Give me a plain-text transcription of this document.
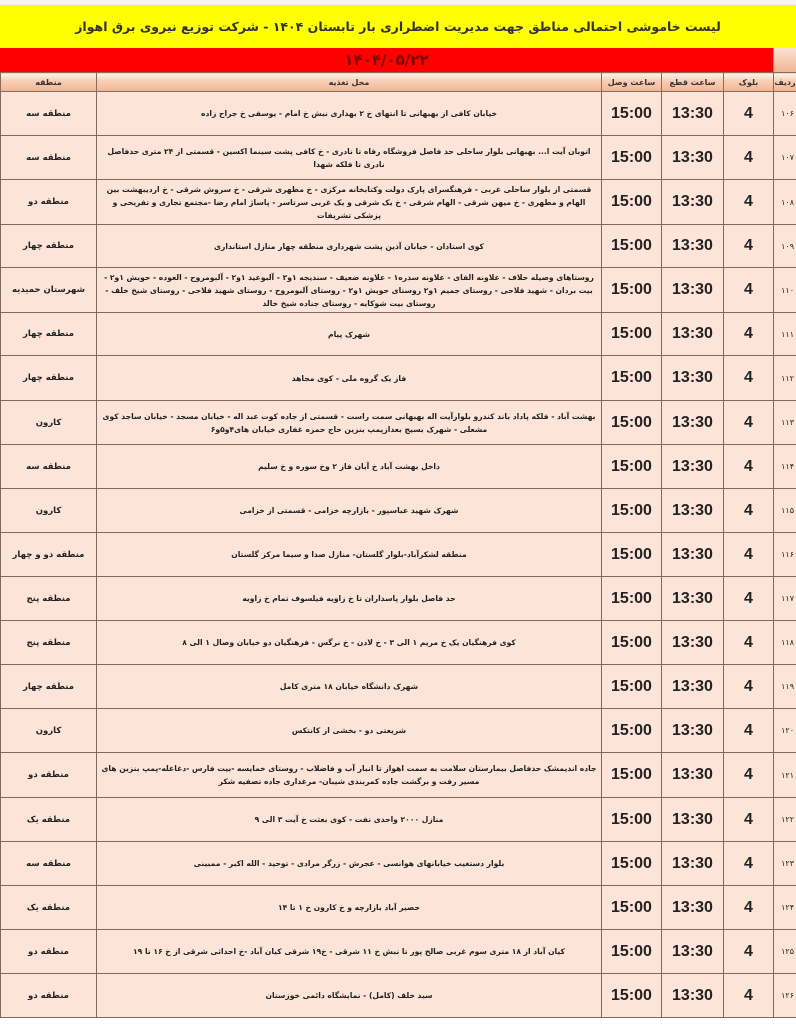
لیست خاموشی احتمالی مناطق جهت مدیریت اضطراری بار تابستان ۱۴۰۴ - شرکت توزیع نیروی برق اهواز
۱۴۰۴/۰۵/۲۲
ردیف	بلوک	ساعت قطع	ساعت وصل	محل تغذیه	منطقه
۱۰۶	4	13:30	15:00	خیابان کافی از بهبهانی تا انتهای خ ۲ بهداری نبش خ امام - یوسفی خ جراح زاده	منطقه سه
۱۰۷	4	13:30	15:00	اتوبان آیت ا... بهبهانی بلوار ساحلی حد فاصل فروشگاه رفاه تا نادری - خ کافی پشت سینما اکسین - قسمتی از ۲۴ متری حدفاصل نادری تا فلکه شهدا	منطقه سه
۱۰۸	4	13:30	15:00	قسمتی از بلوار ساحلی غربی - فرهنگسرای پارک دولت وکتابخانه مرکزی - خ مطهری شرقی - خ سروش شرقی - خ اردیبهشت بین الهام و مطهری - خ میهن شرقی - الهام شرقی - خ یک شرقی و یک غربی سرتاسر - پاساژ امام رضا -مجتمع تجاری و تفریحی و پزشکی تشریفات	منطقه دو
۱۰۹	4	13:30	15:00	کوی استادان - خیابان آذین پشت شهرداری منطقه چهار منازل استانداری	منطقه چهار
۱۱۰	4	13:30	15:00	روستاهای وصیله حلاف - علاونه الفای - علاونه سدره۱ - علاونه ضعیف - سندیجه ۱و۲ - آلبوعید ۱و۲ - آلبومروح - العوده - حویش ۱و۲ - بیت بردان - شهید فلاحی - روستای جمیم ۱و۲ روستای حویش ۱و۲ - روستای آلبومروح - روستای شهید فلاحی - روستای شیخ خلف - روستای بیت شوکایه - روستای جناده شیخ خالد	شهرستان حمیدیه
۱۱۱	4	13:30	15:00	شهرک پیام	منطقه چهار
۱۱۲	4	13:30	15:00	فاز یک گروه ملی - کوی مجاهد	منطقه چهار
۱۱۳	4	13:30	15:00	بهشت آباد - فلکه پاداد باند کندرو بلوارآیت اله بهبهانی سمت راست - قسمتی از جاده کوت عبد اله - خیابان مسجد - خیابان ساجد کوی مشعلی - شهرک بسیج بعدازپمپ بنزین حاج حمزه غفاری خیابان های۴و۵و۶	کارون
۱۱۴	4	13:30	15:00	داخل بهشت آباد خ آبان فاز ۲ وخ سوره و خ سلیم	منطقه سه
۱۱۵	4	13:30	15:00	شهرک شهید عباسپور - بازارچه خزامی - قسمتی از خزامی	کارون
۱۱۶	4	13:30	15:00	منطقه لشکرآباد-بلوار گلستان- منازل صدا و سیما مرکز گلستان	منطقه دو و چهار
۱۱۷	4	13:30	15:00	حد فاصل بلوار پاسداران تا خ زاویه فیلسوف تمام خ زاویه	منطقه پنج
۱۱۸	4	13:30	15:00	کوی فرهنگیان یک خ مریم ۱ الی ۳ - خ لادن - خ نرگس - فرهنگیان دو خیابان وصال ۱ الی ۸	منطقه پنج
۱۱۹	4	13:30	15:00	شهرک دانشگاه خیابان ۱۸ متری کامل	منطقه چهار
۱۲۰	4	13:30	15:00	شریعتی دو - بخشی از کانتکس	کارون
۱۲۱	4	13:30	15:00	جاده اندیمشک حدفاصل بیمارستان سلامت به سمت اهواز تا انبار آب و فاضلاب - روستای خمایسه -بیت فارس -دغاغله-پمپ بنزین های مسیر رفت و برگشت جاده کمربندی شیبان- مرغداری جاده تصفیه شکر	منطقه دو
۱۲۲	4	13:30	15:00	منازل ۲۰۰۰ واحدی نفت - کوی بعثت خ آیت ۳ الی ۹	منطقه یک
۱۲۳	4	13:30	15:00	بلوار دستغیب خیابانهای هوانسی - عجرش - زرگر مرادی - توحید - الله اکبر - ممبینی	منطقه سه
۱۲۴	4	13:30	15:00	حصیر آباد بازارچه و خ کارون خ ۱ تا ۱۴	منطقه یک
۱۲۵	4	13:30	15:00	کیان آباد از ۱۸ متری سوم غربی صالح پور تا نبش خ ۱۱ شرقی - خ۱۹ شرقی کیان آباد -خ احداثی شرقی از خ ۱۶ تا ۱۹	منطقه دو
۱۲۶	4	13:30	15:00	سید خلف (کامل) - نمایشگاه دائمی خوزستان	منطقه دو
